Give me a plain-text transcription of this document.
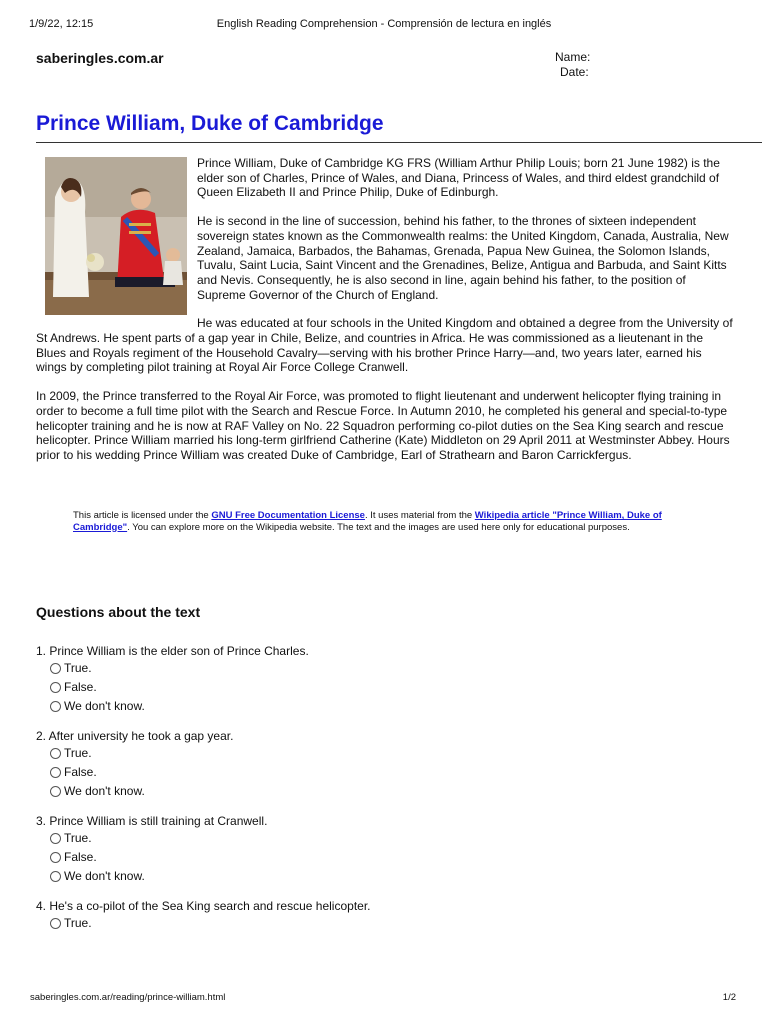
1/9/22, 12:15	English Reading Comprehension - Comprensión de lectura en inglés
saberingles.com.ar	Name:
Date:
Prince William, Duke of Cambridge

Prince William, Duke of Cambridge KG FRS (William Arthur Philip Louis; born 21 June 1982) is the elder son of Charles, Prince of Wales, and Diana, Princess of Wales, and third eldest grandchild of Queen Elizabeth II and Prince Philip, Duke of Edinburgh.

He is second in the line of succession, behind his father, to the thrones of sixteen independent sovereign states known as the Commonwealth realms: the United Kingdom, Canada, Australia, New Zealand, Jamaica, Barbados, the Bahamas, Grenada, Papua New Guinea, the Solomon Islands, Tuvalu, Saint Lucia, Saint Vincent and the Grenadines, Belize, Antigua and Barbuda, and Saint Kitts and Nevis. Consequently, he is also second in line, again behind his father, to the position of Supreme Governor of the Church of England.

He was educated at four schools in the United Kingdom and obtained a degree from the University of St Andrews. He spent parts of a gap year in Chile, Belize, and countries in Africa. He was commissioned as a lieutenant in the Blues and Royals regiment of the Household Cavalry—serving with his brother Prince Harry—and, two years later, earned his wings by completing pilot training at Royal Air Force College Cranwell.

In 2009, the Prince transferred to the Royal Air Force, was promoted to flight lieutenant and underwent helicopter flying training in order to become a full time pilot with the Search and Rescue Force. In Autumn 2010, he completed his general and special-to-type helicopter training and he is now at RAF Valley on No. 22 Squadron performing co-pilot duties on the Sea King search and rescue helicopter. Prince William married his long-term girlfriend Catherine (Kate) Middleton on 29 April 2011 at Westminster Abbey. Hours prior to his wedding Prince William was created Duke of Cambridge, Earl of Strathearn and Baron Carrickfergus.

This article is licensed under the GNU Free Documentation License. It uses material from the Wikipedia article "Prince William, Duke of Cambridge". You can explore more on the Wikipedia website. The text and the images are used here only for educational purposes.
Questions about the text
1. Prince William is the elder son of Prince Charles.
True.
False.
We don't know.
2. After university he took a gap year.
True.
False.
We don't know.
3. Prince William is still training at Cranwell.
True.
False.
We don't know.
4. He's a co-pilot of the Sea King search and rescue helicopter.
True.
saberingles.com.ar/reading/prince-william.html	1/2
